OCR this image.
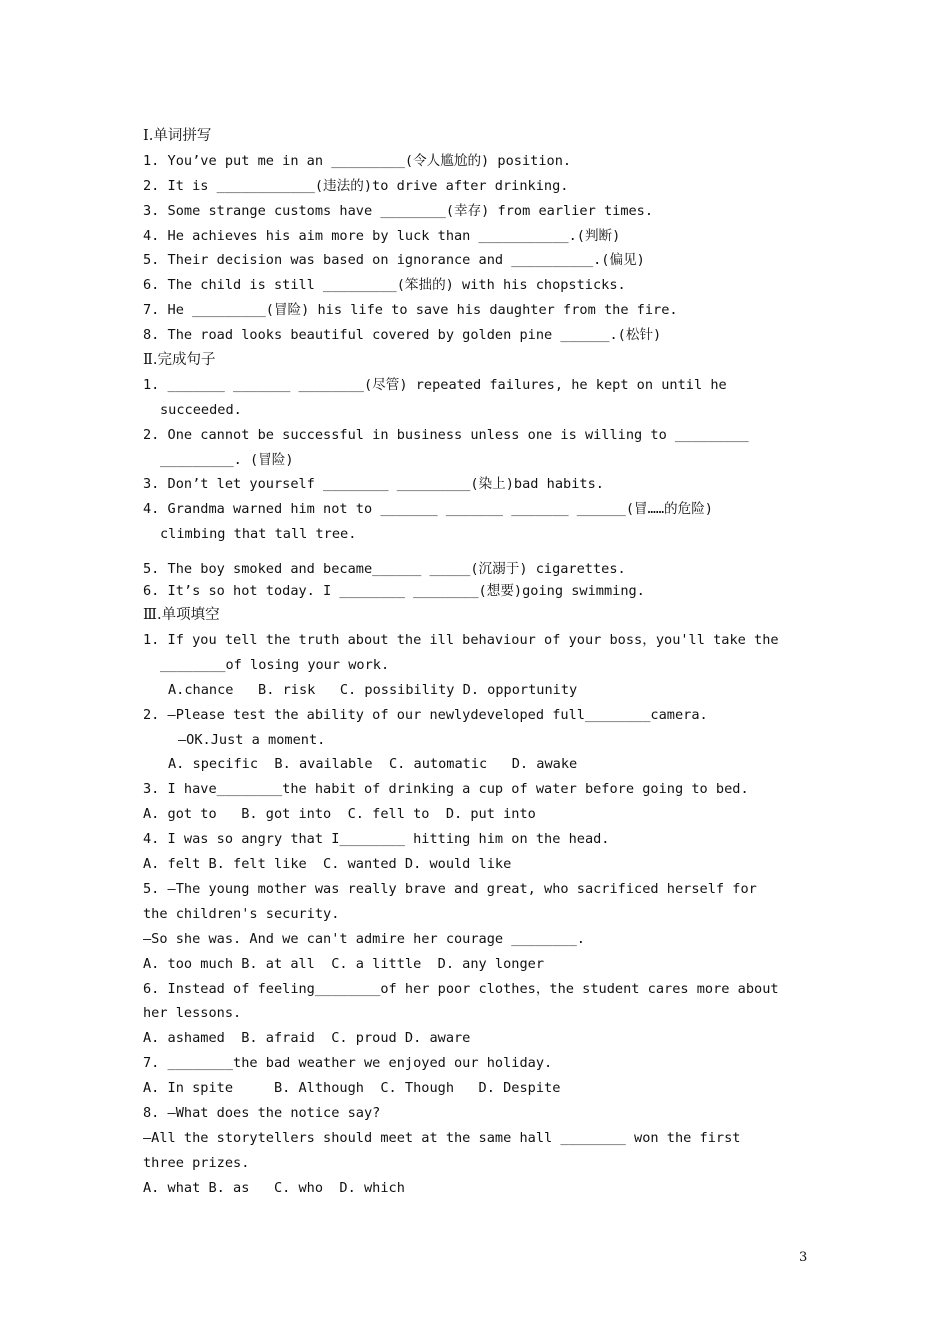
Ⅰ.单词拼写
1. You’ve put me in an _________(令人尴尬的) position.
2. It is ____________(违法的)to drive after drinking.
3. Some strange customs have ________(幸存) from earlier times.
4. He achieves his aim more by luck than ___________.(判断)
5. Their decision was based on ignorance and __________.(偏见)
6. The child is still _________(笨拙的) with his chopsticks.
7. He _________(冒险) his life to save his daughter from the fire.
8. The road looks beautiful covered by golden pine ______.(松针)
Ⅱ.完成句子
1. _______ _______ ________(尽管) repeated failures, he kept on until he
succeeded.
2. One cannot be successful in business unless one is willing to _________
_________. (冒险)
3. Don’t let yourself ________ _________(染上)bad habits.
4. Grandma warned him not to _______ _______ _______ ______(冒……的危险)
climbing that tall tree.
5. The boy smoked and became______ _____(沉溺于) cigarettes.
6. It’s so hot today. I ________ ________(想要)going swimming.
Ⅲ.单项填空
1. If you tell the truth about the ill behaviour of your boss，you'll take the
________of losing your work.
A.chance   B. risk   C. possibility D. opportunity
2. —Please test the ability of our newlydeveloped full________camera.
—OK.Just a moment.
A. specific  B. available  C. automatic   D. awake
3. I have________the habit of drinking a cup of water before going to bed.
A. got to   B. got into  C. fell to  D. put into
4. I was so angry that I________ hitting him on the head.
A. felt B. felt like  C. wanted D. would like
5. —The young mother was really brave and great, who sacrificed herself for
the children's security.
—So she was. And we can't admire her courage ________.
A. too much B. at all  C. a little  D. any longer
6. Instead of feeling________of her poor clothes，the student cares more about
her lessons.
A. ashamed  B. afraid  C. proud D. aware
7. ________the bad weather we enjoyed our holiday.
A. In spite     B. Although  C. Though   D. Despite
8. —What does the notice say?
—All the storytellers should meet at the same hall ________ won the first
three prizes.
A. what B. as   C. who  D. which
3
